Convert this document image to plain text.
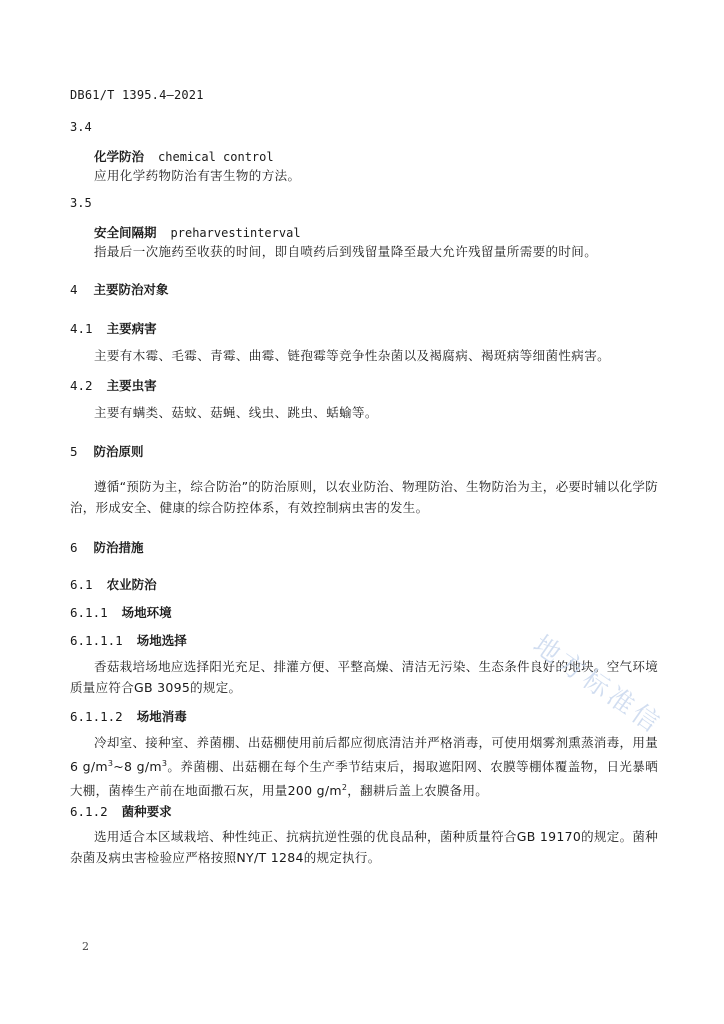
DB61/T 1395.4—2021
3.4
化学防治 chemical control
应用化学药物防治有害生物的方法。
3.5
安全间隔期 preharvestinterval
指最后一次施药至收获的时间，即自喷药后到残留量降至最大允许残留量所需要的时间。
4 主要防治对象
4.1 主要病害
主要有木霉、毛霉、青霉、曲霉、链孢霉等竞争性杂菌以及褐腐病、褐斑病等细菌性病害。
4.2 主要虫害
主要有螨类、菇蚊、菇蝇、线虫、跳虫、蛞蝓等。
5 防治原则
遵循“预防为主，综合防治”的防治原则，以农业防治、物理防治、生物防治为主，必要时辅以化学防治，形成安全、健康的综合防控体系，有效控制病虫害的发生。
6 防治措施
6.1 农业防治
6.1.1 场地环境
6.1.1.1 场地选择
香菇栽培场地应选择阳光充足、排灌方便、平整高燥、清洁无污染、生态条件良好的地块。空气环境质量应符合GB 3095的规定。
6.1.1.2 场地消毒
冷却室、接种室、养菌棚、出菇棚使用前后都应彻底清洁并严格消毒，可使用烟雾剂熏蒸消毒，用量6 $g/m^3\sim 8$ $g/m^3$。养菌棚、出菇棚在每个生产季节结束后，揭取遮阳网、农膜等棚体覆盖物，日光暴晒大棚，菌棒生产前在地面撒石灰，用量200 $g/m^2$，翻耕后盖上农膜备用。
6.1.2 菌种要求
选用适合本区域栽培、种性纯正、抗病抗逆性强的优良品种，菌种质量符合GB 19170的规定。菌种杂菌及病虫害检验应严格按照NY/T 1284的规定执行。
2
地方标准信
